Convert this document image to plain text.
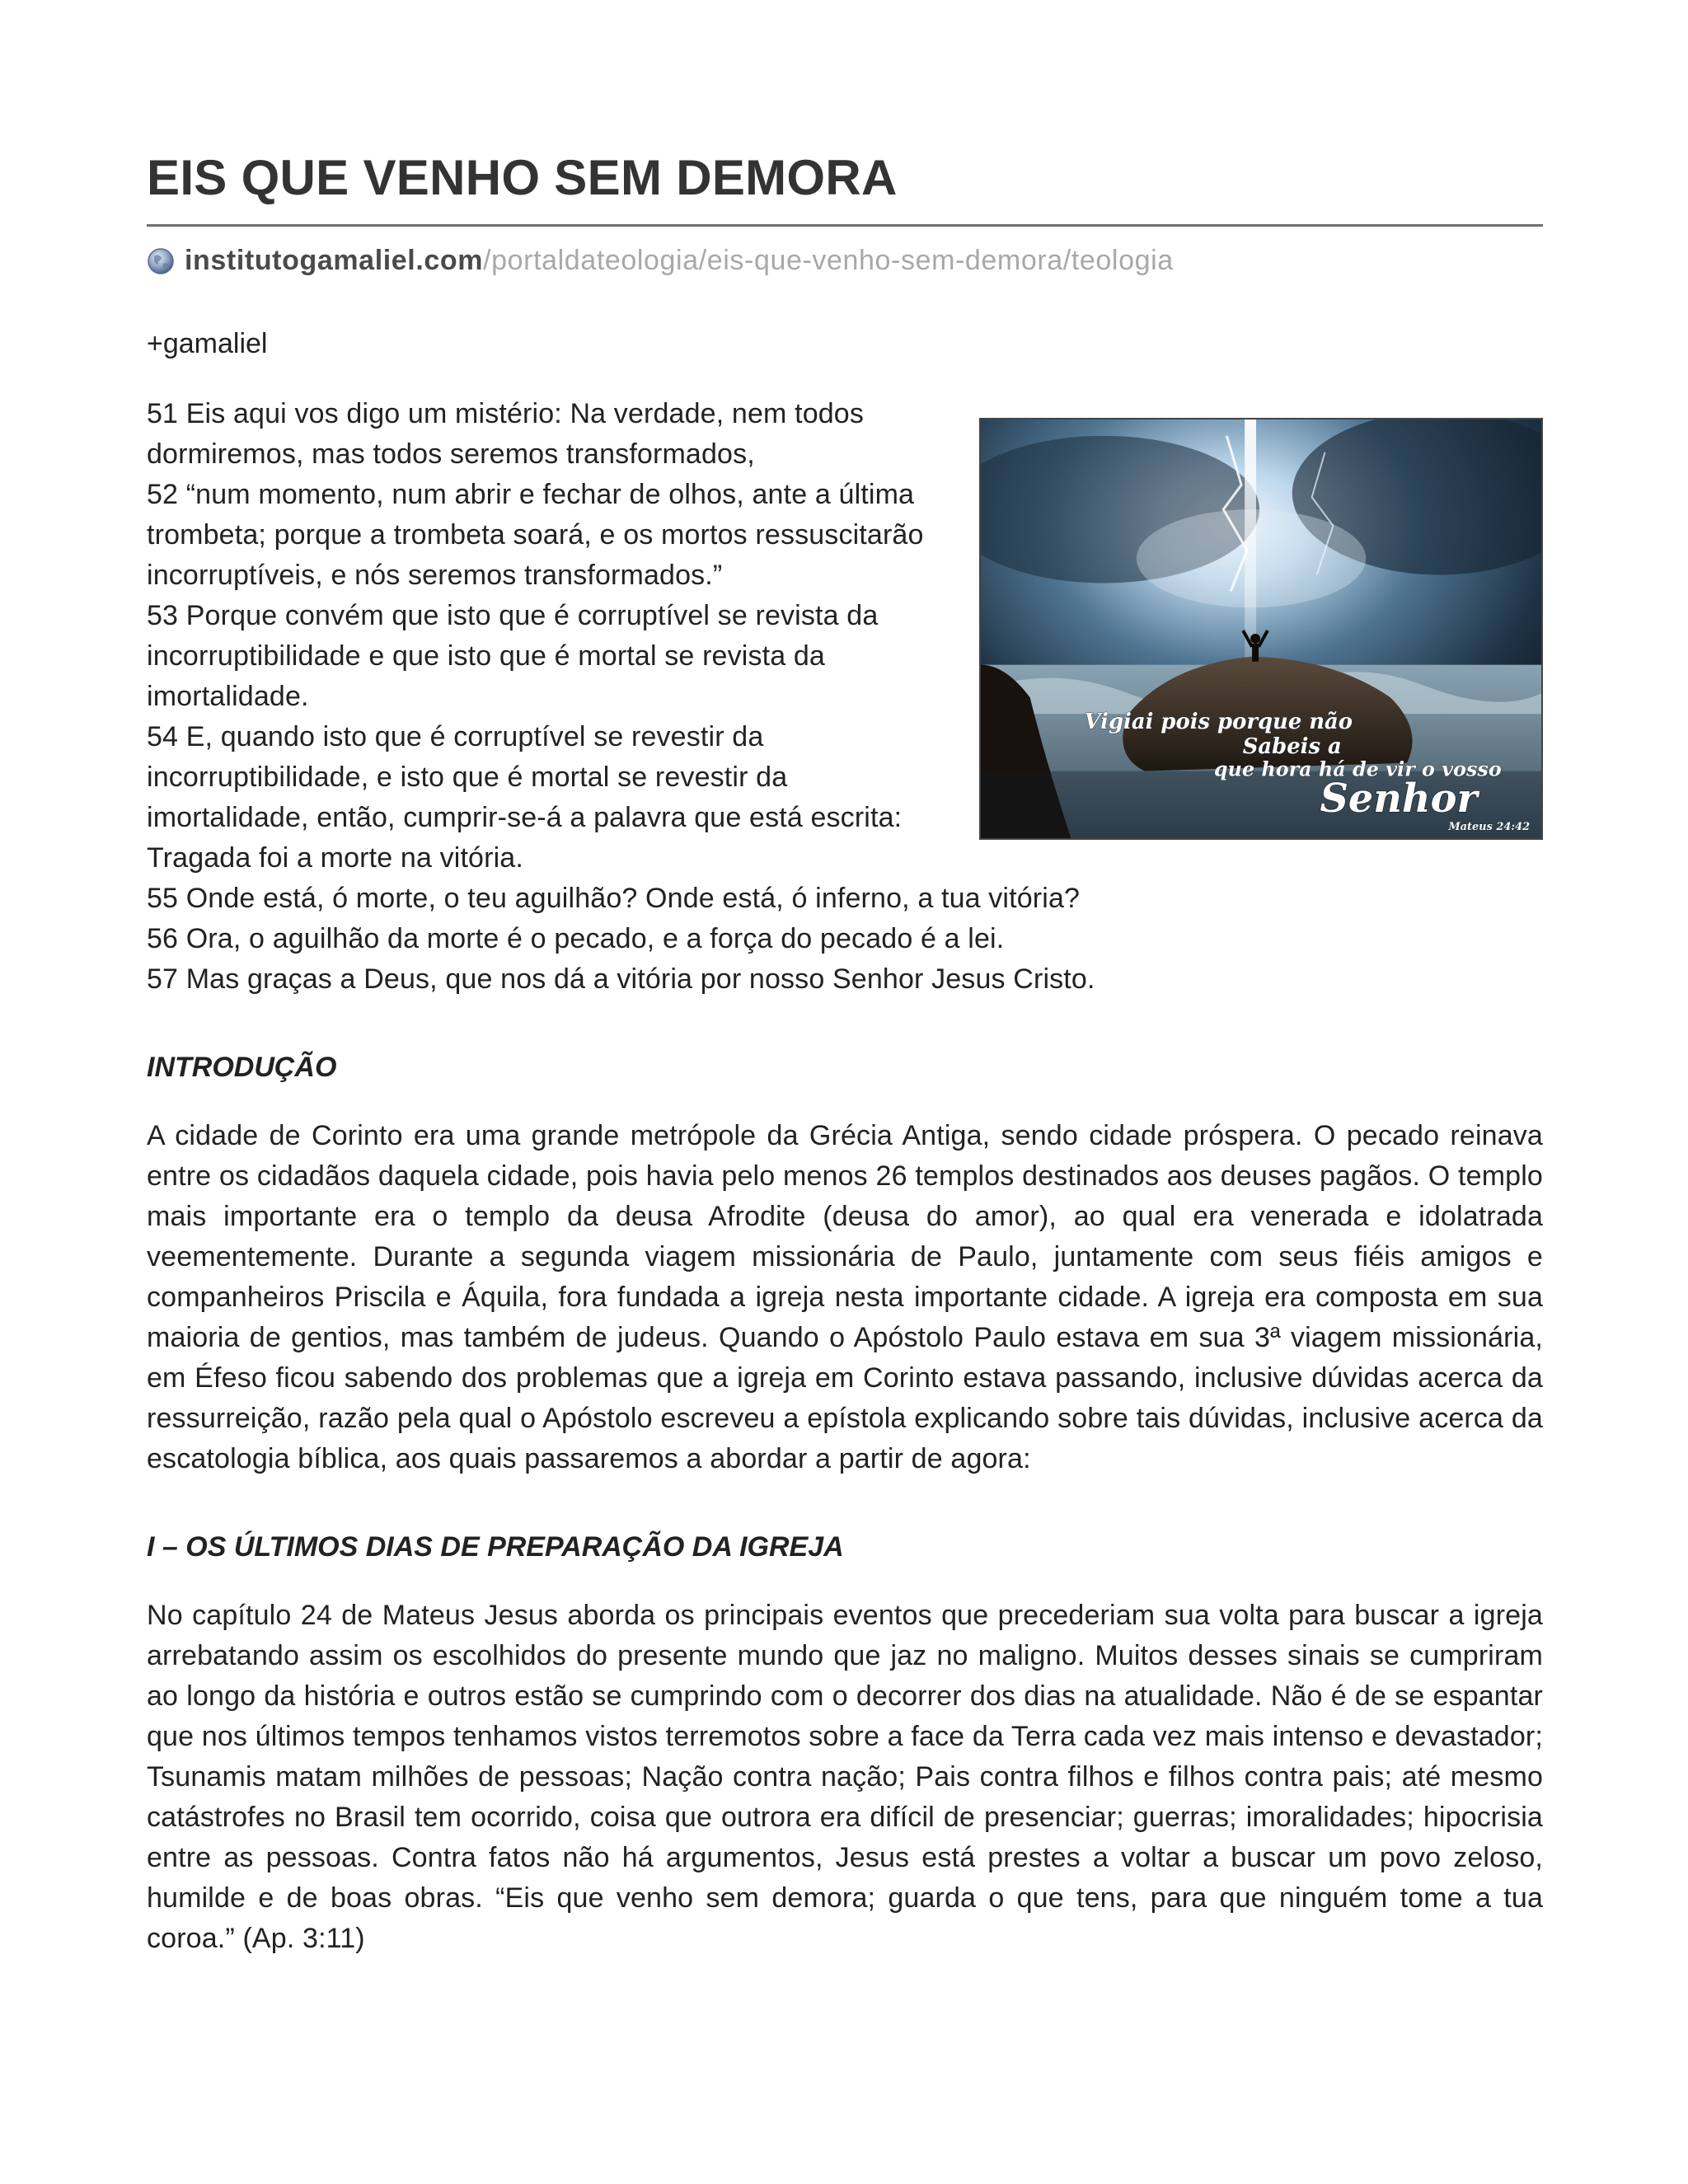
EIS QUE VENHO SEM DEMORA
institutogamaliel.com /portaldateologia/eis-que-venho-sem-demora/teologia
+gamaliel
Vigiai pois porque não
Sabeis a
que hora há de vir o vosso
Senhor
Mateus 24:42

51 Eis aqui vos digo um mistério: Na verdade, nem todos dormiremos, mas todos seremos transformados,

52 “num momento, num abrir e fechar de olhos, ante a última trombeta; porque a trombeta soará, e os mortos ressuscitarão incorruptíveis, e nós seremos transformados.”

53 Porque convém que isto que é corruptível se revista da incorruptibilidade e que isto que é mortal se revista da imortalidade.

54 E, quando isto que é corruptível se revestir da incorruptibilidade, e isto que é mortal se revestir da imortalidade, então, cumprir-se-á a palavra que está escrita: Tragada foi a morte na vitória.

55 Onde está, ó morte, o teu aguilhão? Onde está, ó inferno, a tua vitória?

56 Ora, o aguilhão da morte é o pecado, e a força do pecado é a lei.

57 Mas graças a Deus, que nos dá a vitória por nosso Senhor Jesus Cristo.

INTRODUÇÃO

A cidade de Corinto era uma grande metrópole da Grécia Antiga, sendo cidade próspera. O pecado reinava entre os cidadãos daquela cidade, pois havia pelo menos 26 templos destinados aos deuses pagãos. O templo mais importante era o templo da deusa Afrodite (deusa do amor), ao qual era venerada e idolatrada veementemente. Durante a segunda viagem missionária de Paulo, juntamente com seus fiéis amigos e companheiros Priscila e Áquila, fora fundada a igreja nesta importante cidade. A igreja era composta em sua maioria de gentios, mas também de judeus. Quando o Apóstolo Paulo estava em sua 3ª viagem missionária, em Éfeso ficou sabendo dos problemas que a igreja em Corinto estava passando, inclusive dúvidas acerca da ressurreição, razão pela qual o Apóstolo escreveu a epístola explicando sobre tais dúvidas, inclusive acerca da escatologia bíblica, aos quais passaremos a abordar a partir de agora:

I – OS ÚLTIMOS DIAS DE PREPARAÇÃO DA IGREJA

No capítulo 24 de Mateus Jesus aborda os principais eventos que precederiam sua volta para buscar a igreja arrebatando assim os escolhidos do presente mundo que jaz no maligno. Muitos desses sinais se cumpriram ao longo da história e outros estão se cumprindo com o decorrer dos dias na atualidade. Não é de se espantar que nos últimos tempos tenhamos vistos terremotos sobre a face da Terra cada vez mais intenso e devastador; Tsunamis matam milhões de pessoas; Nação contra nação; Pais contra filhos e filhos contra pais; até mesmo catástrofes no Brasil tem ocorrido, coisa que outrora era difícil de presenciar; guerras; imoralidades; hipocrisia entre as pessoas. Contra fatos não há argumentos, Jesus está prestes a voltar a buscar um povo zeloso, humilde e de boas obras. “Eis que venho sem demora; guarda o que tens, para que ninguém tome a tua coroa.” (Ap. 3:11)
